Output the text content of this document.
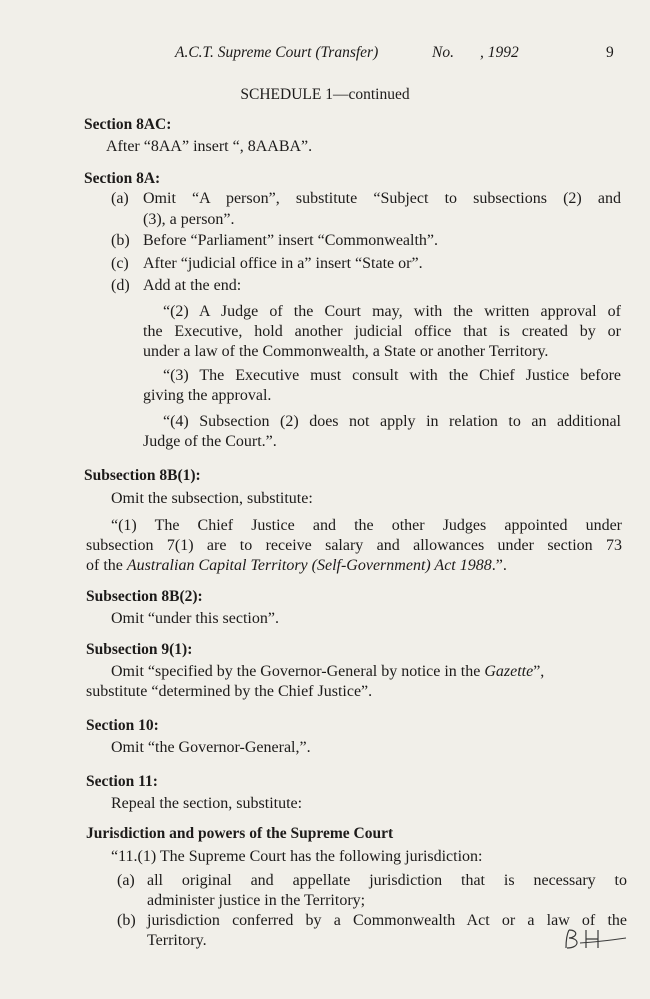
A.C.T. Supreme Court (Transfer)	No. , 1992	9
SCHEDULE 1—continued
Section 8AC:
After “8AA” insert “, 8AABA”.
Section 8A:
(a) Omit “A person”, substitute “Subject to subsections (2) and
(3), a person”.
(b) Before “Parliament” insert “Commonwealth”.
(c) After “judicial office in a” insert “State or”.
(d) Add at the end:
“(2) A Judge of the Court may, with the written approval of
the Executive, hold another judicial office that is created by or
under a law of the Commonwealth, a State or another Territory.
“(3) The Executive must consult with the Chief Justice before
giving the approval.
“(4) Subsection (2) does not apply in relation to an additional
Judge of the Court.”.
Subsection 8B(1):
Omit the subsection, substitute:
“(1) The Chief Justice and the other Judges appointed under
subsection 7(1) are to receive salary and allowances under section 73
of the Australian Capital Territory (Self-Government) Act 1988.”.
Subsection 8B(2):
Omit “under this section”.
Subsection 9(1):
Omit “specified by the Governor-General by notice in the Gazette”,
substitute “determined by the Chief Justice”.
Section 10:
Omit “the Governor-General,”.
Section 11:
Repeal the section, substitute:
Jurisdiction and powers of the Supreme Court
“11.(1) The Supreme Court has the following jurisdiction:
(a) all original and appellate jurisdiction that is necessary to
administer justice in the Territory;
(b) jurisdiction conferred by a Commonwealth Act or a law of the
Territory.
